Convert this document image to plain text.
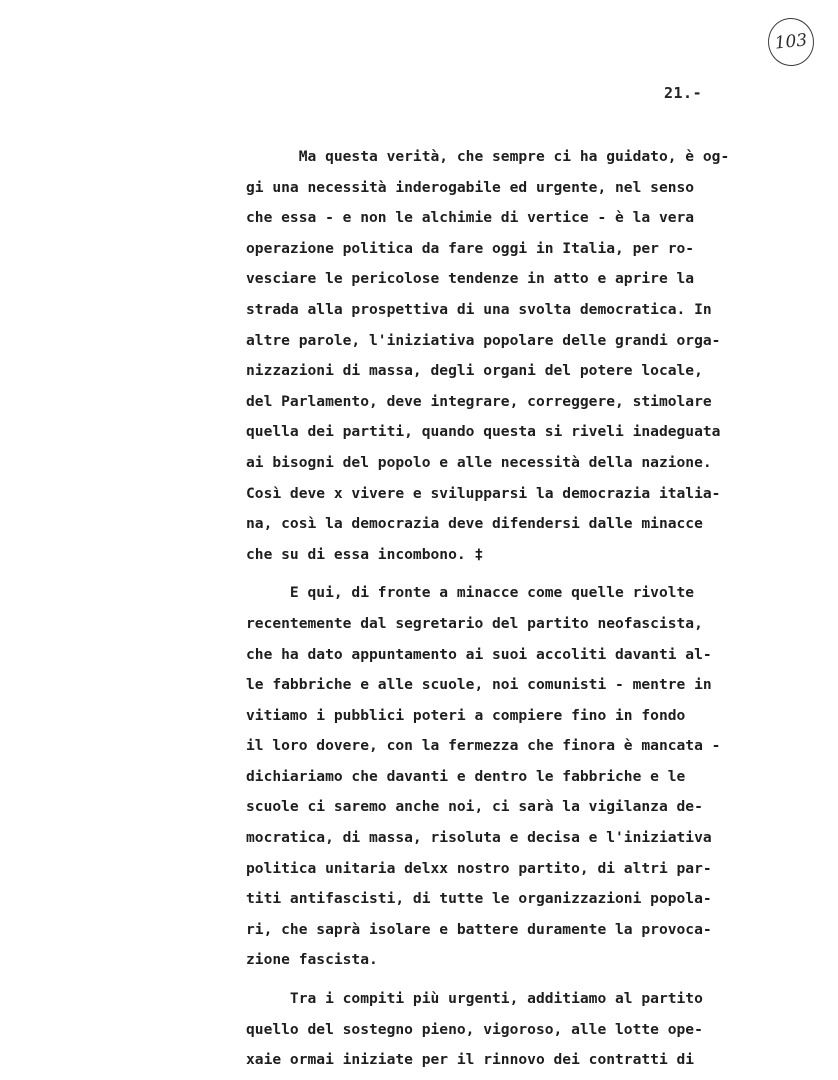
103
21.-
Ma questa verità, che sempre ci ha guidato, è og-
gi una necessità inderogabile ed urgente, nel senso
che essa - e non le alchimie di vertice - è la vera
operazione politica da fare oggi in Italia, per ro-
vesciare le pericolose tendenze in atto e aprire la
strada alla prospettiva di una svolta democratica. In
altre parole, l'iniziativa popolare delle grandi orga-
nizzazioni di massa, degli organi del potere locale,
del Parlamento, deve integrare, correggere, stimolare
quella dei partiti, quando questa si riveli inadeguata
ai bisogni del popolo e alle necessità della nazione.
Così deve x vivere e svilupparsi la democrazia italia-
na, così la democrazia deve difendersi dalle minacce
che su di essa incombono. ‡
E qui, di fronte a minacce come quelle rivolte
recentemente dal segretario del partito neofascista,
che ha dato appuntamento ai suoi accoliti davanti al-
le fabbriche e alle scuole, noi comunisti - mentre in
vitiamo i pubblici poteri a compiere fino in fondo
il loro dovere, con la fermezza che finora è mancata -
dichiariamo che davanti e dentro le fabbriche e le
scuole ci saremo anche noi, ci sarà la vigilanza de-
mocratica, di massa, risoluta e decisa e l'iniziativa
politica unitaria delxx nostro partito, di altri par-
titi antifascisti, di tutte le organizzazioni popola-
ri, che saprà isolare e battere duramente la provoca-
zione fascista.
Tra i compiti più urgenti, additiamo al partito
quello del sostegno pieno, vigoroso, alle lotte ope-
xaie ormai iniziate per il rinnovo dei contratti di
